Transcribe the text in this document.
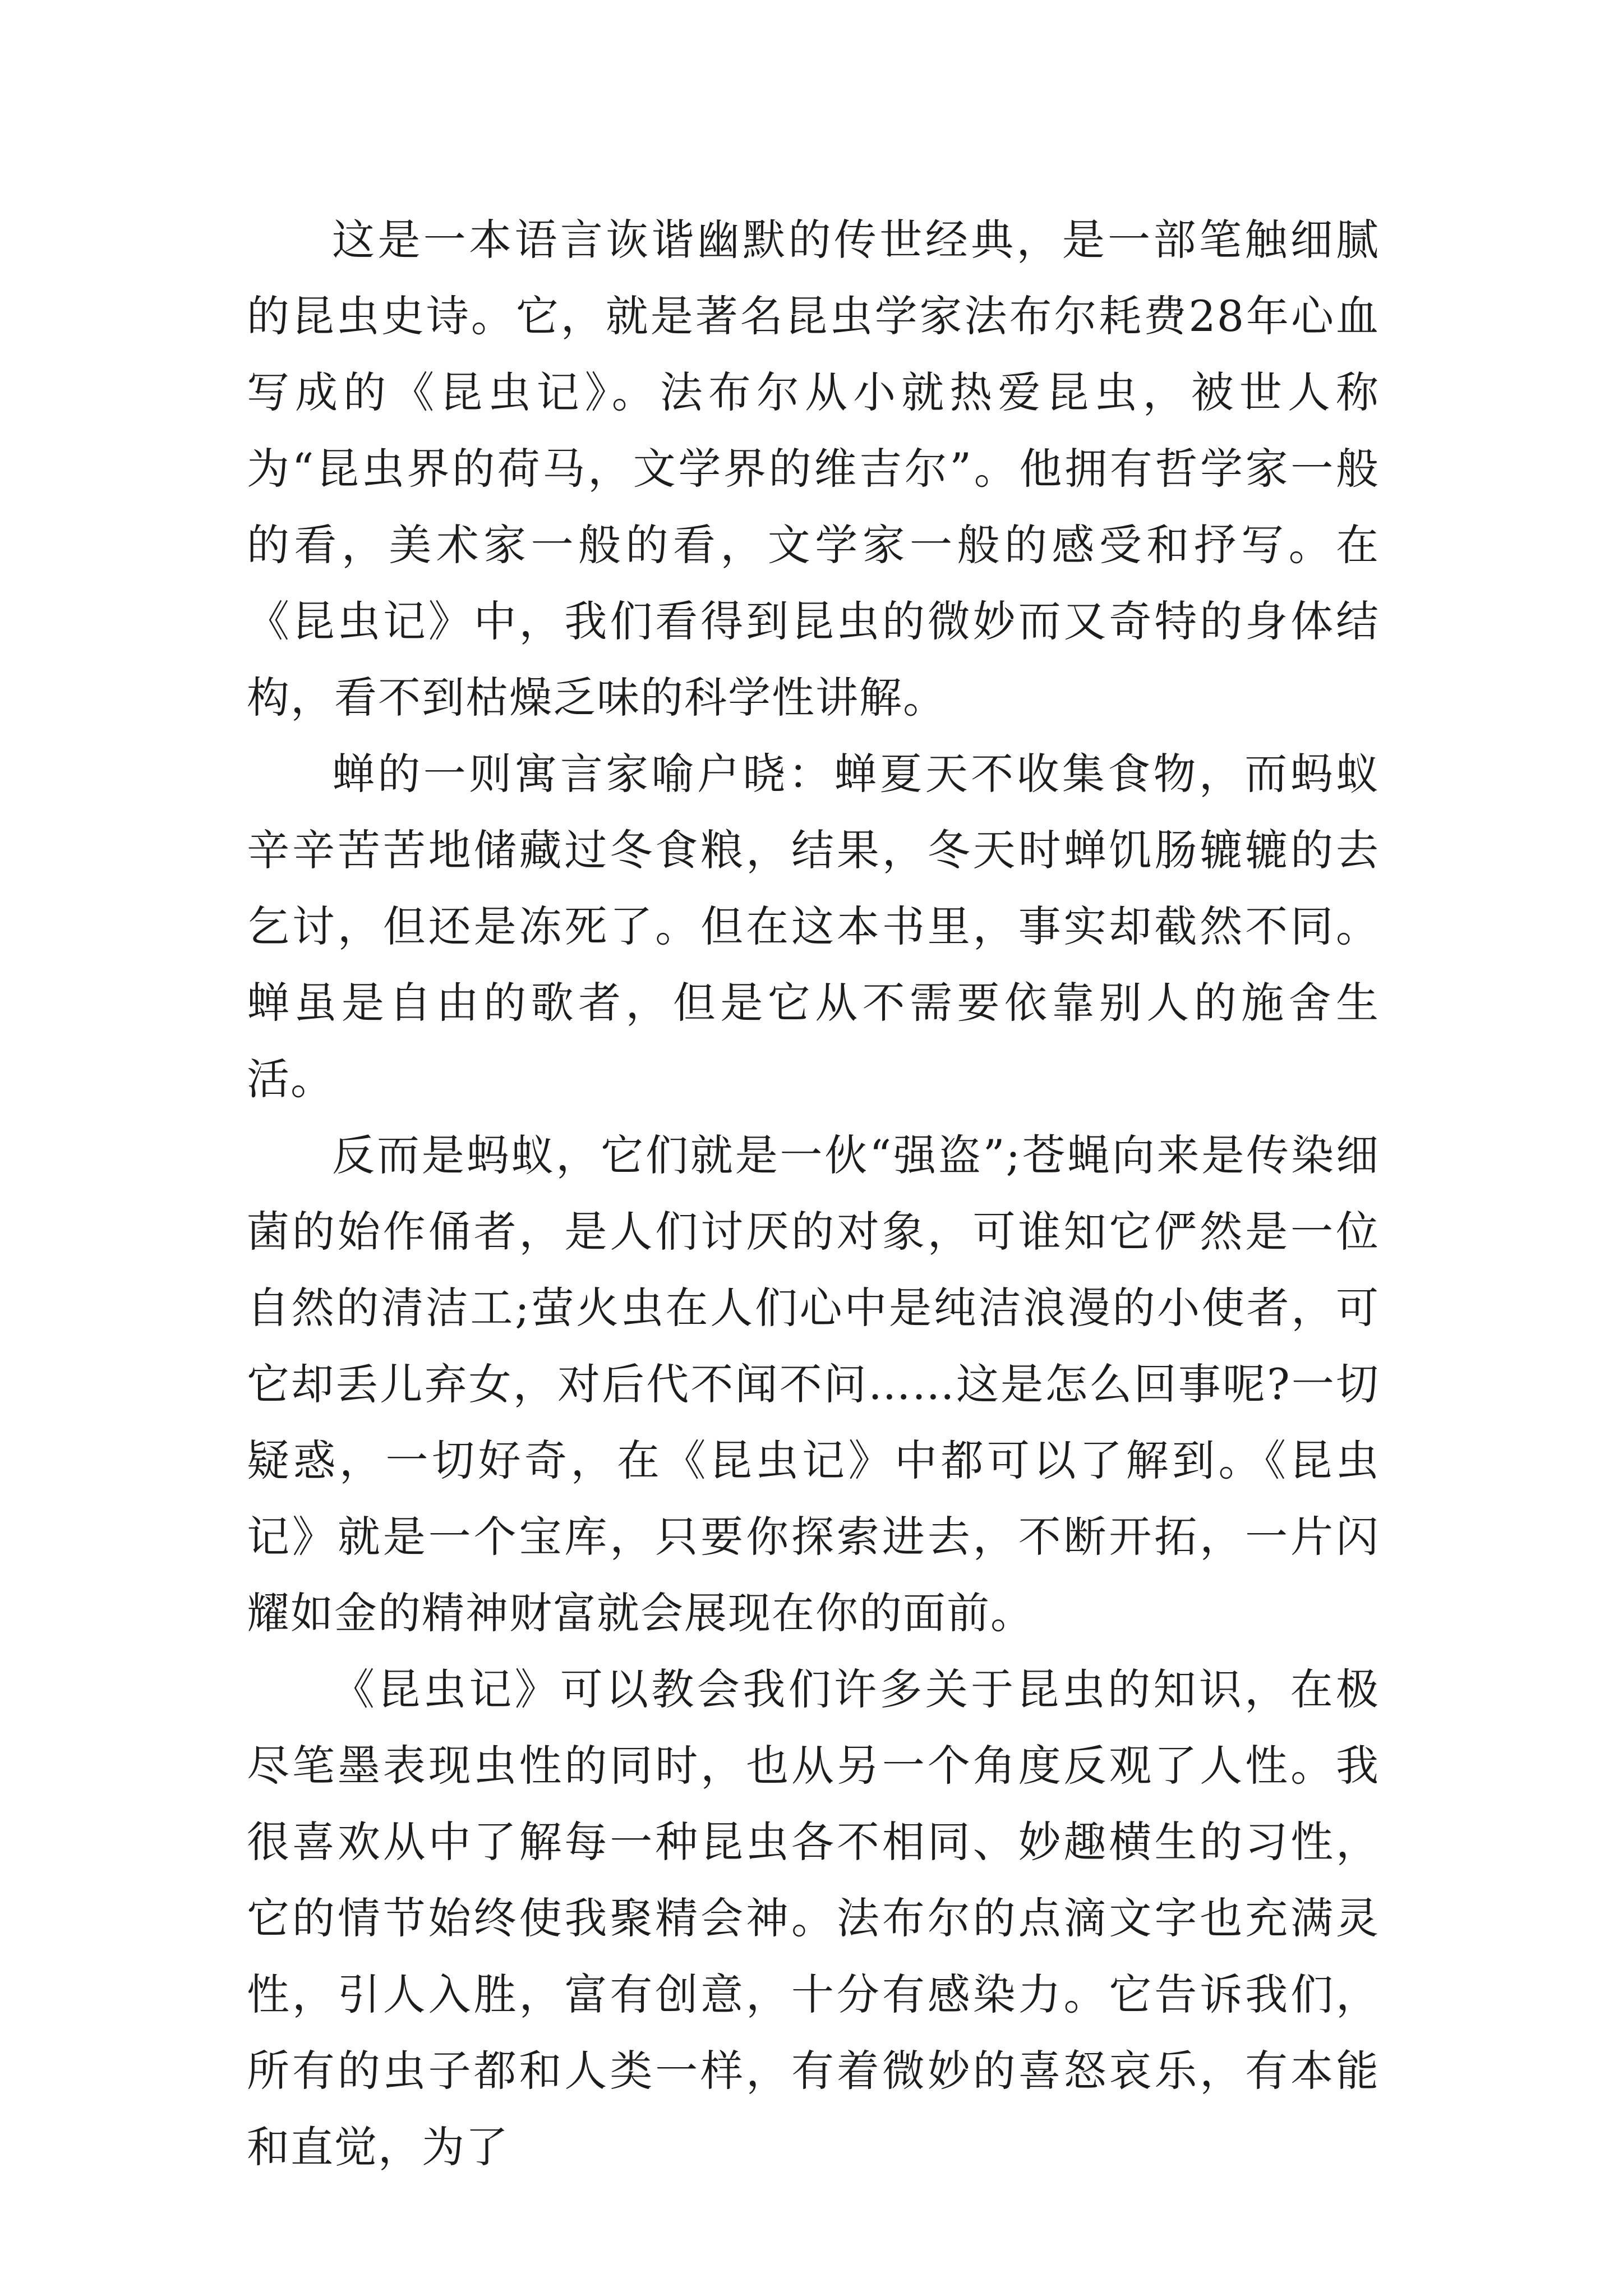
这是一本语言诙谐幽默的传世经典，是一部笔触细腻的昆虫史诗。它，就是著名昆虫学家法布尔耗费28年心血写成的《昆虫记》。法布尔从小就热爱昆虫，被世人称为“昆虫界的荷马，文学界的维吉尔”。他拥有哲学家一般的看，美术家一般的看，文学家一般的感受和抒写。在《昆虫记》中，我们看得到昆虫的微妙而又奇特的身体结构，看不到枯燥乏味的科学性讲解。

蝉的一则寓言家喻户晓：蝉夏天不收集食物，而蚂蚁辛辛苦苦地储藏过冬食粮，结果，冬天时蝉饥肠辘辘的去乞讨，但还是冻死了。但在这本书里，事实却截然不同。蝉虽是自由的歌者，但是它从不需要依靠别人的施舍生活。

反而是蚂蚁，它们就是一伙“强盗”;苍蝇向来是传染细菌的始作俑者，是人们讨厌的对象，可谁知它俨然是一位自然的清洁工;萤火虫在人们心中是纯洁浪漫的小使者，可它却丢儿弃女，对后代不闻不问……这是怎么回事呢?一切疑惑，一切好奇，在《昆虫记》中都可以了解到。《昆虫记》就是一个宝库，只要你探索进去，不断开拓，一片闪耀如金的精神财富就会展现在你的面前。

《昆虫记》可以教会我们许多关于昆虫的知识，在极尽笔墨表现虫性的同时，也从另一个角度反观了人性。我很喜欢从中了解每一种昆虫各不相同、妙趣横生的习性，它的情节始终使我聚精会神。法布尔的点滴文字也充满灵性，引人入胜，富有创意，十分有感染力。它告诉我们，所有的虫子都和人类一样，有着微妙的喜怒哀乐，有本能和直觉，为了
